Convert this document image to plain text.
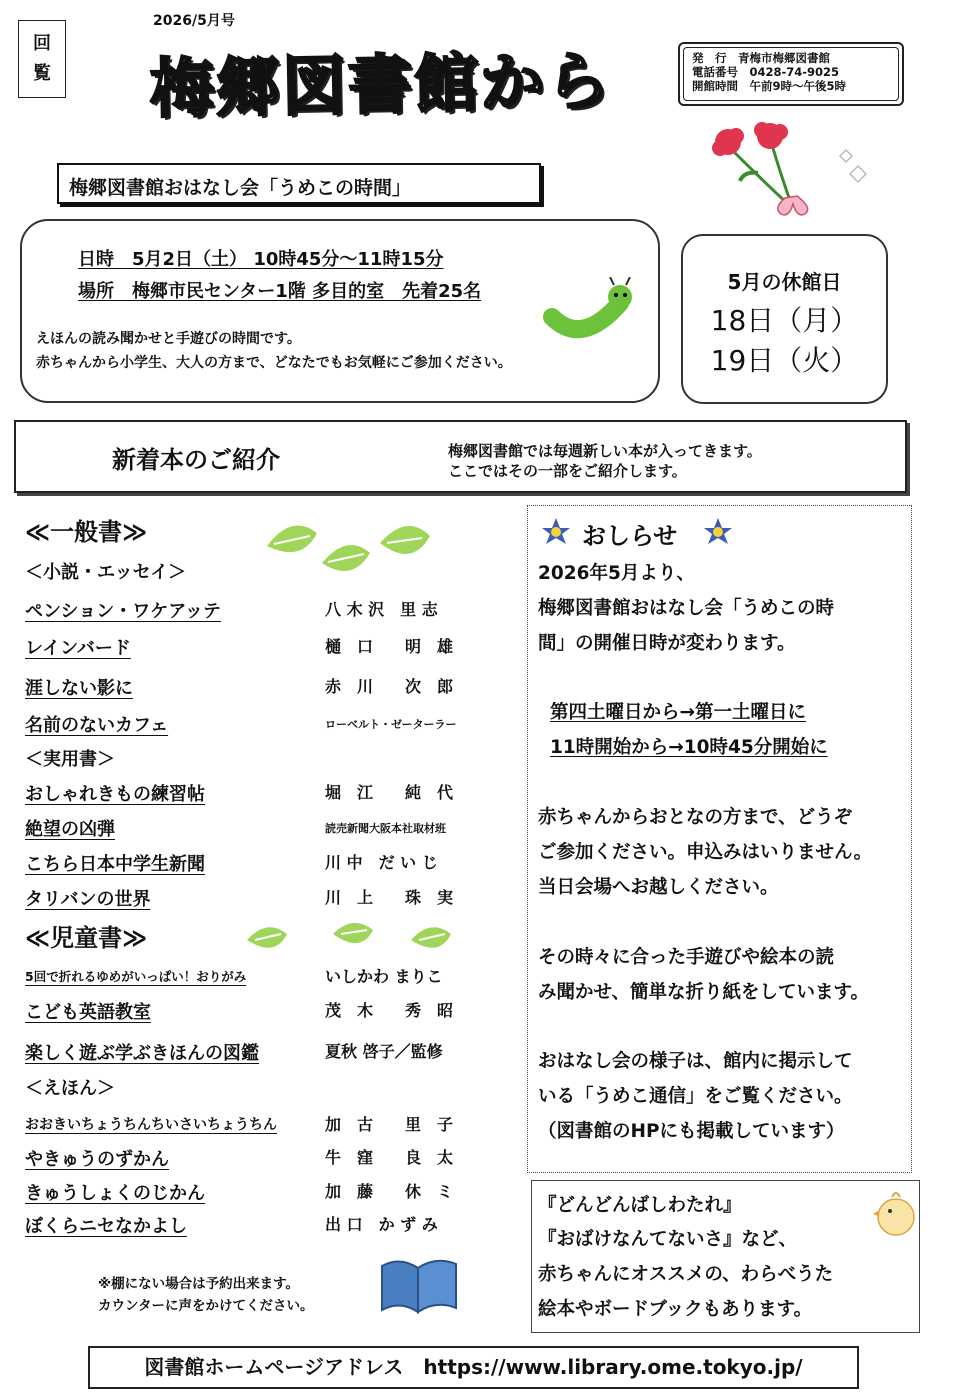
回
覧
2026/5月号
梅郷図書館から	発　行　青梅市梅郷図書館
電話番号　0428-74-9025
開館時間　午前9時～午後5時
梅郷図書館おはなし会「うめこの時間」
日時　5月2日（土） 10時45分～11時15分
場所　梅郷市民センター1階 多目的室　先着25名
えほんの読み聞かせと手遊びの時間です。
赤ちゃんから小学生、大人の方まで、どなたでもお気軽にご参加ください。
5月の休館日
18日（月）
19日（火）
新着本のご紹介	梅郷図書館では毎週新しい本が入ってきます。
ここではその一部をご紹介します。
≪一般書≫
＜小説・エッセイ＞
ペンション・ワケアッテ	八 木 沢　里 志
レインバード	樋　口　　明　雄
涯しない影に	赤　川　　次　郎
名前のないカフェ	ローベルト・ゼーターラー
＜実用書＞
おしゃれきもの練習帖	堀　江　　純　代
絶望の凶弾	読売新聞大阪本社取材班
こちら日本中学生新聞	川 中　だ い じ
タリバンの世界	川　上　　珠　実
≪児童書≫
5回で折れるゆめがいっぱい！おりがみ	いしかわ まりこ
こども英語教室	茂　木　　秀　昭
楽しく遊ぶ学ぶきほんの図鑑	夏秋 啓子／監修
＜えほん＞
おおきいちょうちんちいさいちょうちん	加　古　　里　子
やきゅうのずかん	牛　窪　　良　太
きゅうしょくのじかん	加　藤　　休　ミ
ぼくらニセなかよし	出 口　か ず み
※棚にない場合は予約出来ます。
カウンターに声をかけてください。
おしらせ

2026年5月より、

梅郷図書館おはなし会「うめこの時

間」の開催日時が変わります。

第四土曜日から→第一土曜日に
11時開始から→10時45分開始に

赤ちゃんからおとなの方まで、どうぞ

ご参加ください。申込みはいりません。

当日会場へお越しください。

その時々に合った手遊びや絵本の読

み聞かせ、簡単な折り紙をしています。

おはなし会の様子は、館内に掲示して

いる「うめこ通信」をご覧ください。

（図書館のHPにも掲載しています）

『どんどんばしわたれ』
『おばけなんてないさ』など、
赤ちゃんにオススメの、わらべうた
絵本やボードブックもあります。
図書館ホームページアドレス　https://www.library.ome.tokyo.jp/
